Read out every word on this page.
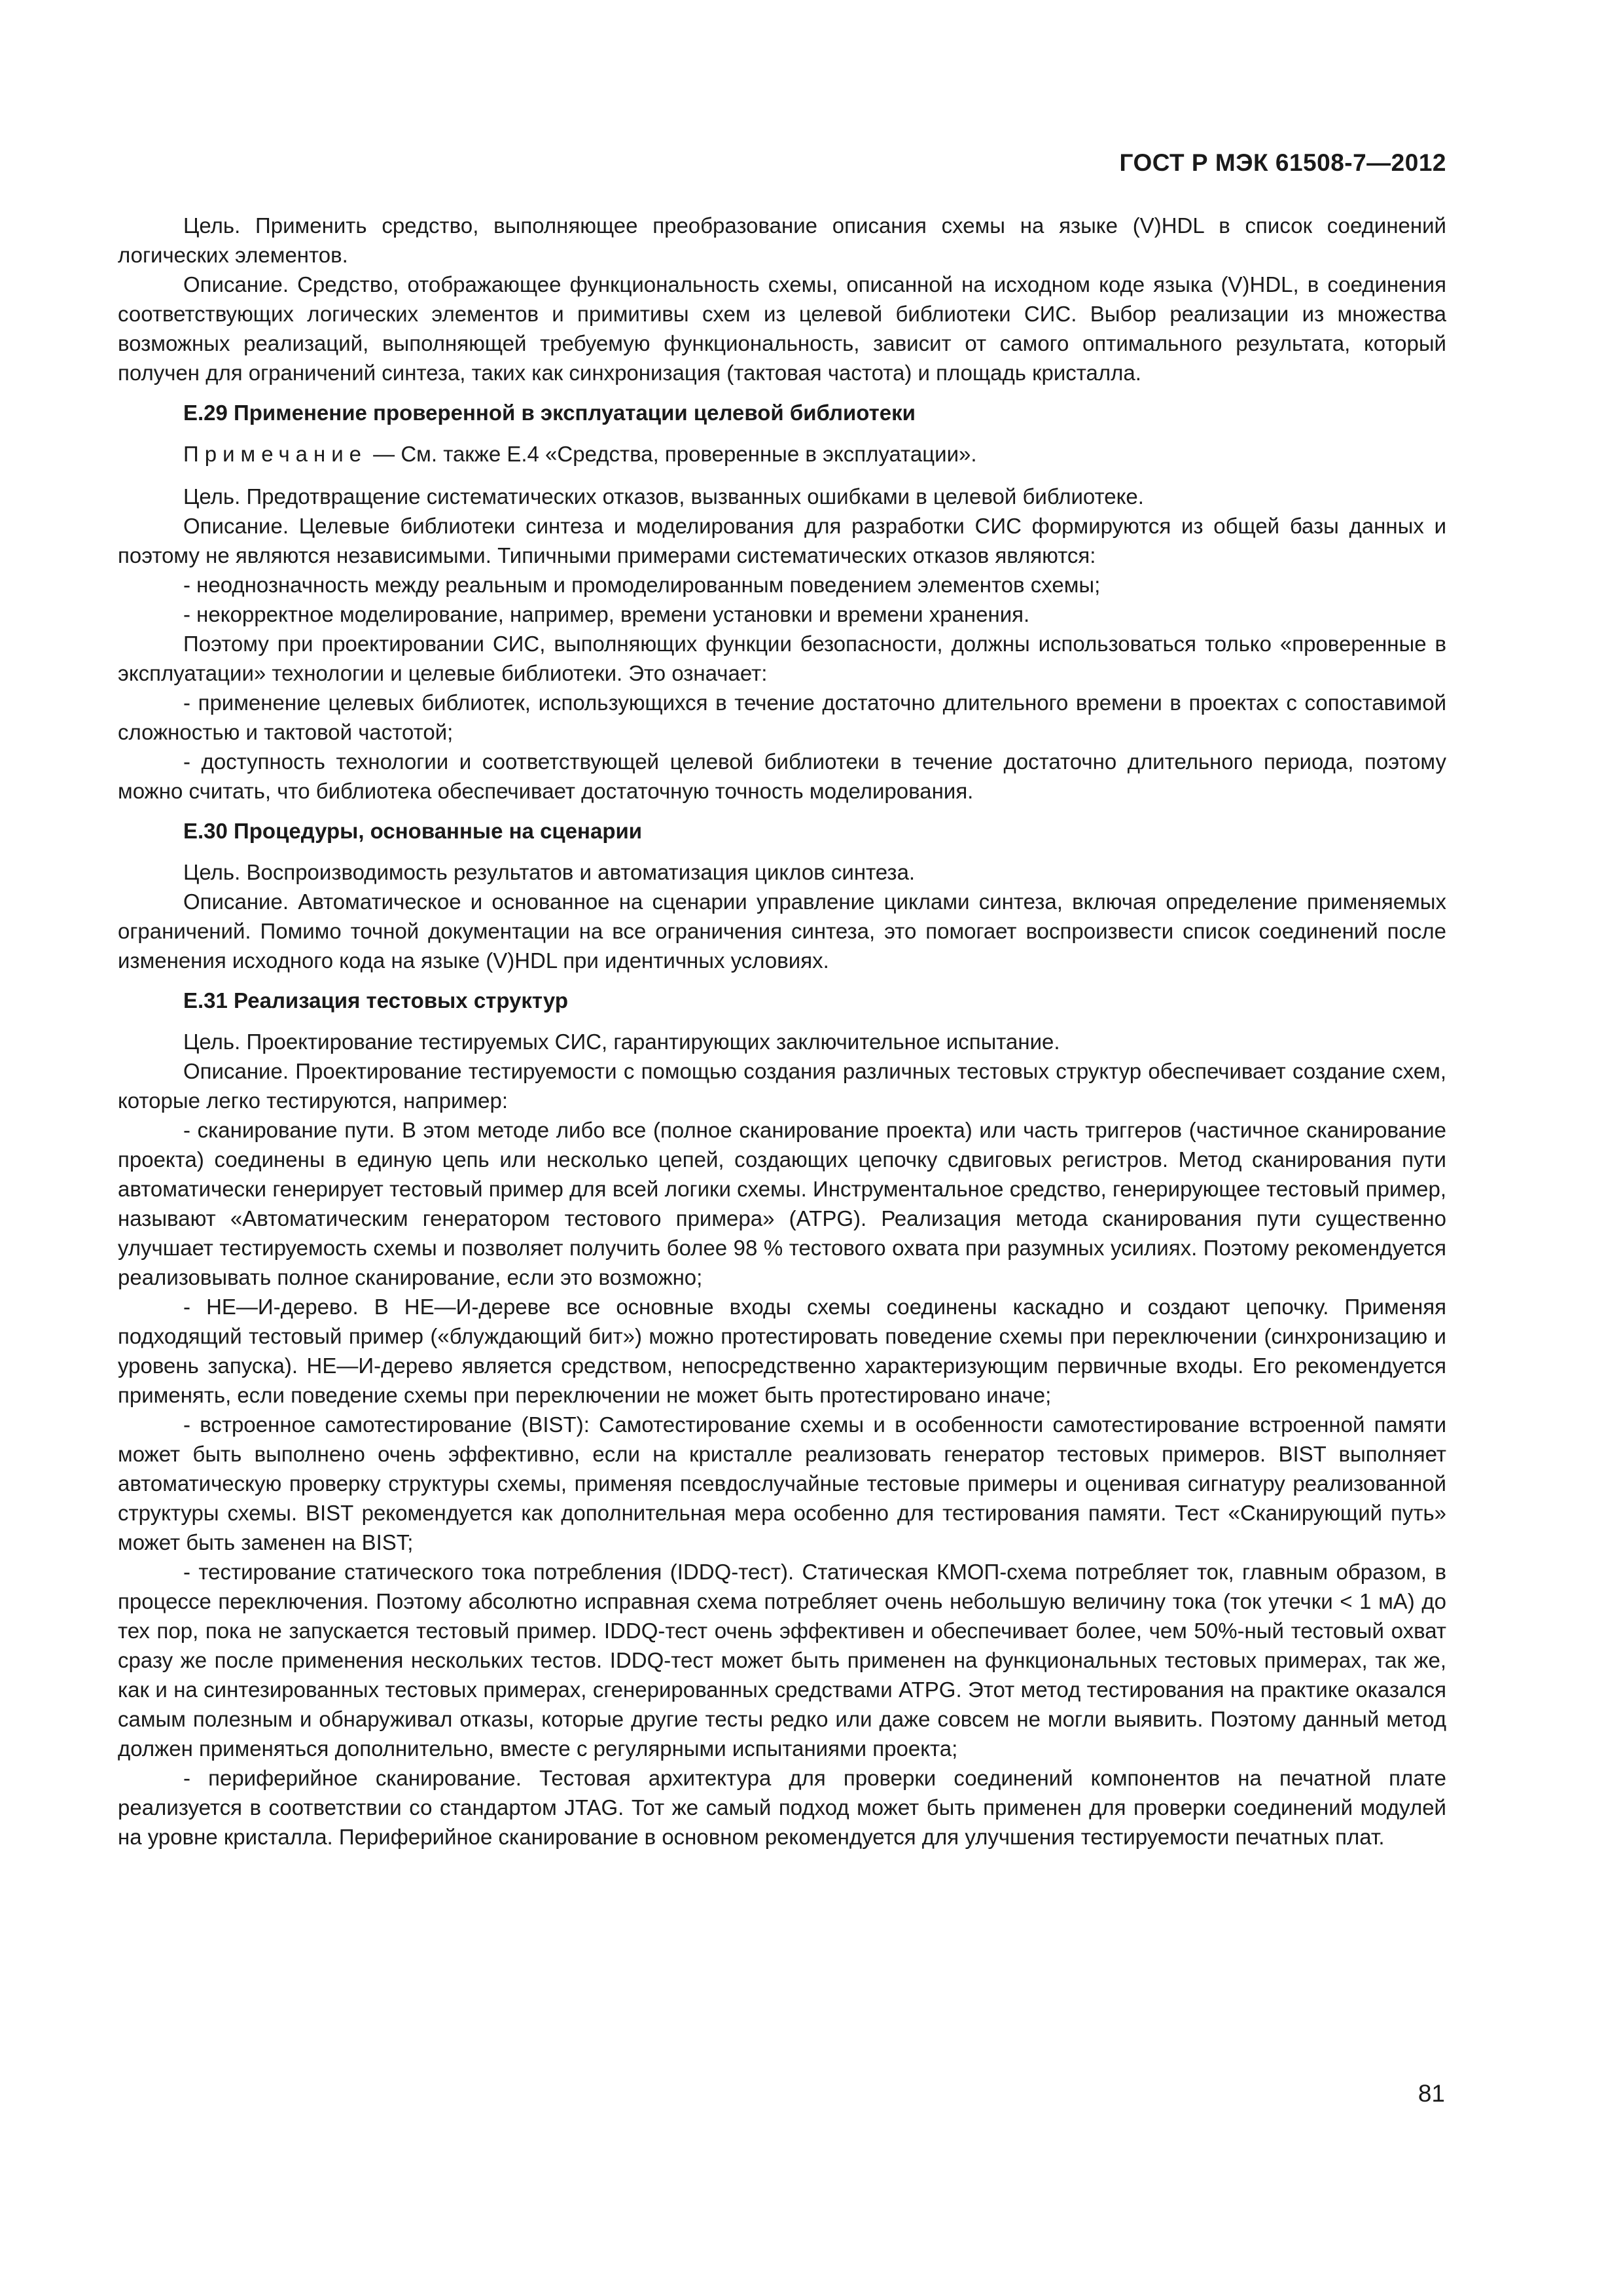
ГОСТ Р МЭК 61508-7—2012

Цель. Применить средство, выполняющее преобразование описания схемы на языке (V)HDL в список соединений логических элементов.

Описание. Средство, отображающее функциональность схемы, описанной на исходном коде языка (V)HDL, в соединения соответствующих логических элементов и примитивы схем из целевой библиотеки СИС. Выбор реализации из множества возможных реализаций, выполняющей требуемую функциональность, зависит от самого оптимального результата, который получен для ограничений синтеза, таких как синхронизация (тактовая частота) и площадь кристалла.

Е.29 Применение проверенной в эксплуатации целевой библиотеки
Примечание — См. также Е.4 «Средства, проверенные в эксплуатации».

Цель. Предотвращение систематических отказов, вызванных ошибками в целевой библиотеке.

Описание. Целевые библиотеки синтеза и моделирования для разработки СИС формируются из общей базы данных и поэтому не являются независимыми. Типичными примерами систематических отказов являются:

- неоднозначность между реальным и промоделированным поведением элементов схемы;

- некорректное моделирование, например, времени установки и времени хранения.

Поэтому при проектировании СИС, выполняющих функции безопасности, должны использоваться только «проверенные в эксплуатации» технологии и целевые библиотеки. Это означает:

- применение целевых библиотек, использующихся в течение достаточно длительного времени в проектах с сопоставимой сложностью и тактовой частотой;

- доступность технологии и соответствующей целевой библиотеки в течение достаточно длительного периода, поэтому можно считать, что библиотека обеспечивает достаточную точность моделирования.

Е.30 Процедуры, основанные на сценарии

Цель. Воспроизводимость результатов и автоматизация циклов синтеза.

Описание. Автоматическое и основанное на сценарии управление циклами синтеза, включая определение применяемых ограничений. Помимо точной документации на все ограничения синтеза, это помогает воспроизвести список соединений после изменения исходного кода на языке (V)HDL при идентичных условиях.

Е.31 Реализация тестовых структур

Цель. Проектирование тестируемых СИС, гарантирующих заключительное испытание.

Описание. Проектирование тестируемости с помощью создания различных тестовых структур обеспечивает создание схем, которые легко тестируются, например:

- сканирование пути. В этом методе либо все (полное сканирование проекта) или часть триггеров (частичное сканирование проекта) соединены в единую цепь или несколько цепей, создающих цепочку сдвиговых регистров. Метод сканирования пути автоматически генерирует тестовый пример для всей логики схемы. Инструментальное средство, генерирующее тестовый пример, называют «Автоматическим генератором тестового примера» (ATPG). Реализация метода сканирования пути существенно улучшает тестируемость схемы и позволяет получить более 98 % тестового охвата при разумных усилиях. Поэтому рекомендуется реализовывать полное сканирование, если это возможно;

- НЕ—И-дерево. В НЕ—И-дереве все основные входы схемы соединены каскадно и создают цепочку. Применяя подходящий тестовый пример («блуждающий бит») можно протестировать поведение схемы при переключении (синхронизацию и уровень запуска). НЕ—И-дерево является средством, непосредственно характеризующим первичные входы. Его рекомендуется применять, если поведение схемы при переключении не может быть протестировано иначе;

- встроенное самотестирование (BIST): Самотестирование схемы и в особенности самотестирование встроенной памяти может быть выполнено очень эффективно, если на кристалле реализовать генератор тестовых примеров. BIST выполняет автоматическую проверку структуры схемы, применяя псевдослучайные тестовые примеры и оценивая сигнатуру реализованной структуры схемы. BIST рекомендуется как дополнительная мера особенно для тестирования памяти. Тест «Сканирующий путь» может быть заменен на BIST;

- тестирование статического тока потребления (IDDQ-тест). Статическая КМОП-схема потребляет ток, главным образом, в процессе переключения. Поэтому абсолютно исправная схема потребляет очень небольшую величину тока (ток утечки < 1 мА) до тех пор, пока не запускается тестовый пример. IDDQ-тест очень эффективен и обеспечивает более, чем 50%-ный тестовый охват сразу же после применения нескольких тестов. IDDQ-тест может быть применен на функциональных тестовых примерах, так же, как и на синтезированных тестовых примерах, сгенерированных средствами ATPG. Этот метод тестирования на практике оказался самым полезным и обнаруживал отказы, которые другие тесты редко или даже совсем не могли выявить. Поэтому данный метод должен применяться дополнительно, вместе с регулярными испытаниями проекта;

- периферийное сканирование. Тестовая архитектура для проверки соединений компонентов на печатной плате реализуется в соответствии со стандартом JTAG. Тот же самый подход может быть применен для проверки соединений модулей на уровне кристалла. Периферийное сканирование в основном рекомендуется для улучшения тестируемости печатных плат.

81
